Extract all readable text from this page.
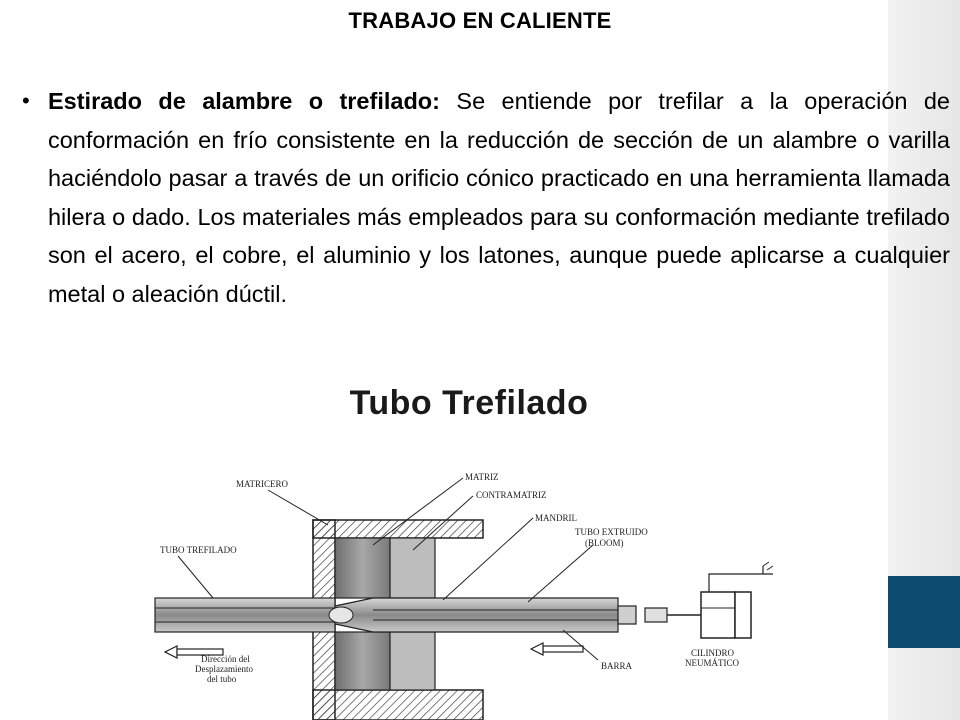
TRABAJO EN CALIENTE
• Estirado de alambre o trefilado: Se entiende por trefilar a la operación de conformación en frío consistente en la reducción de sección de un alambre o varilla haciéndolo pasar a través de un orificio cónico practicado en una herramienta llamada hilera o dado. Los materiales más empleados para su conformación mediante trefilado son el acero, el cobre, el aluminio y los latones, aunque puede aplicarse a cualquier metal o aleación dúctil.
Tubo Trefilado
MATRICERO
MATRIZ
CONTRAMATRIZ
MANDRIL
TUBO TREFILADO
TUBO EXTRUIDO
(BLOOM)
Dirección del
Desplazamiento
del tubo
BARRA
CILINDRO
NEUMÁTICO
